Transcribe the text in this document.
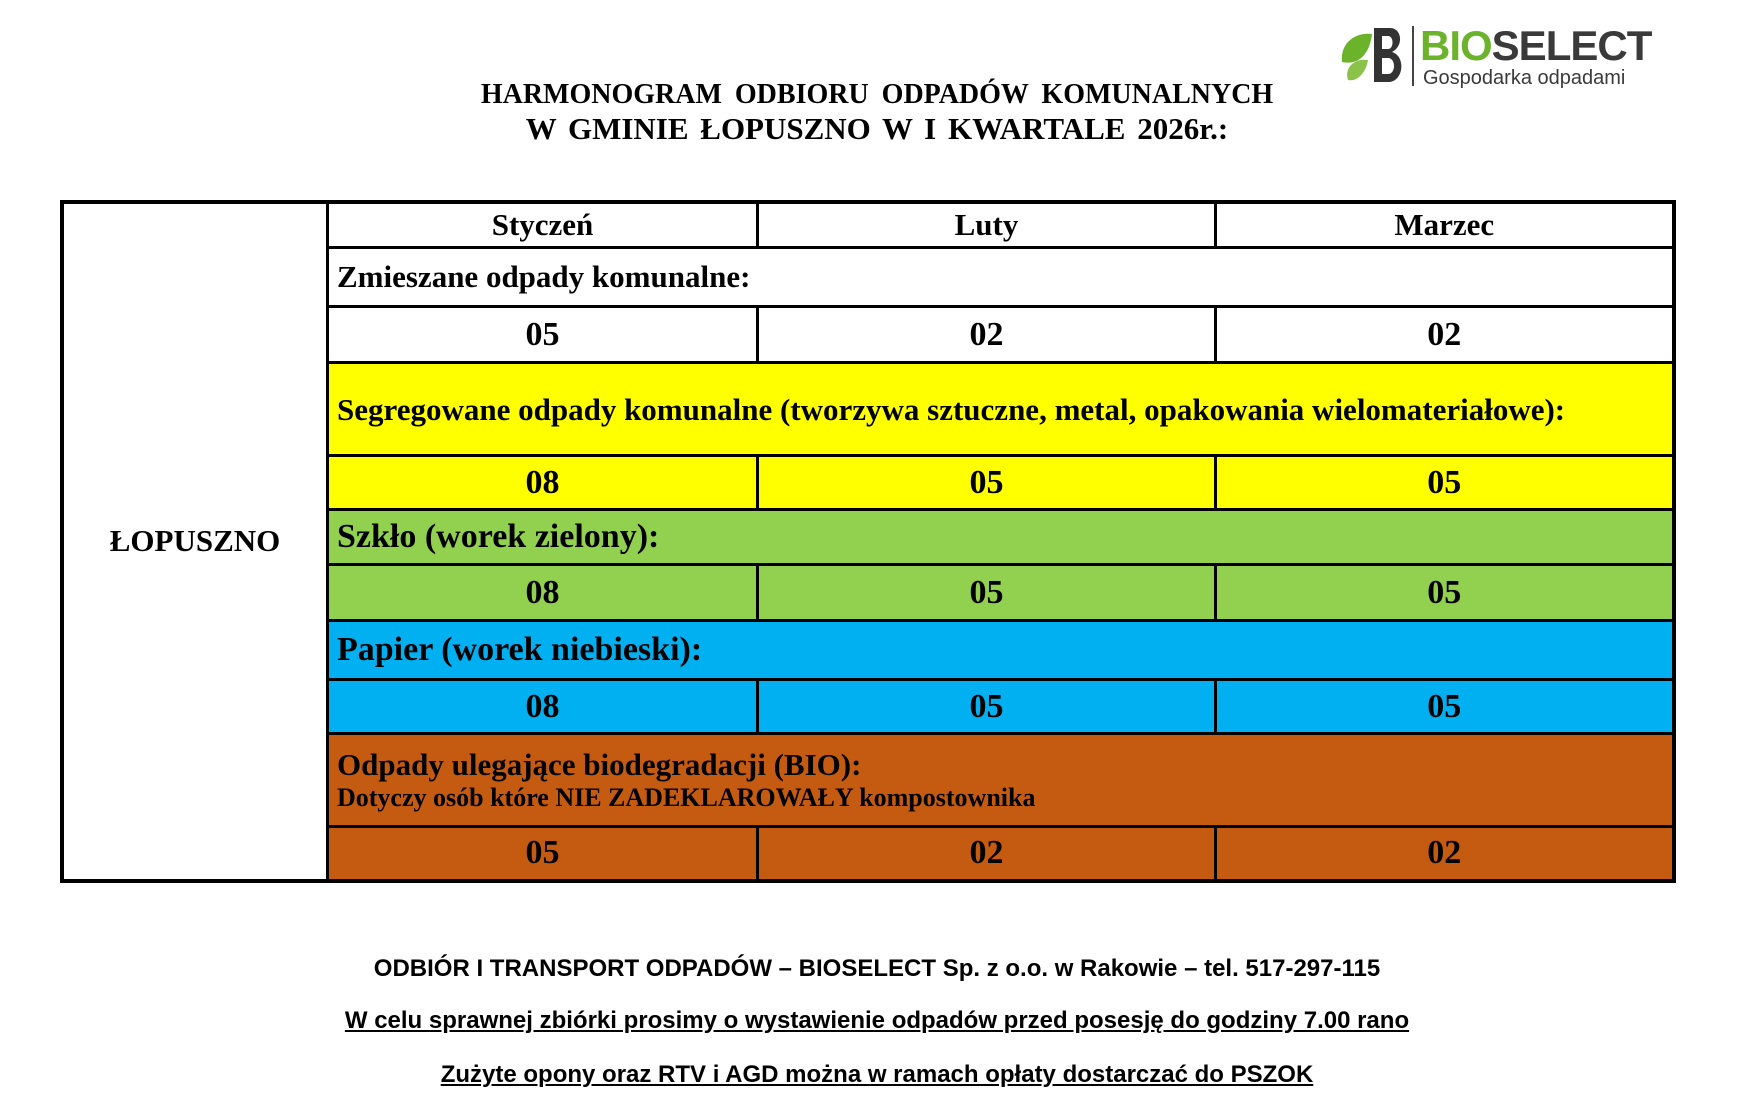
BIOSELECT
Gospodarka odpadami
HARMONOGRAM ODBIORU ODPADÓW KOMUNALNYCH
W GMINIE ŁOPUSZNO W I KWARTALE 2026r.:
ŁOPUSZNO	Styczeń	Luty	Marzec
	Zmieszane odpady komunalne:		
	05	02	02
	Segregowane odpady komunalne (tworzywa sztuczne, metal, opakowania wielomateriałowe):		
	08	05	05
	Szkło (worek zielony):		
	08	05	05
	Papier (worek niebieski):		
	08	05	05
	Odpady ulegające biodegradacji (BIO):
Dotyczy osób które NIE ZADEKLAROWAŁY kompostownika		

	05	02	02
ODBIÓR I TRANSPORT ODPADÓW – BIOSELECT Sp. z o.o. w Rakowie – tel. 517-297-115
W celu sprawnej zbiórki prosimy o wystawienie odpadów przed posesję do godziny 7.00 rano
Zużyte opony oraz RTV i AGD można w ramach opłaty dostarczać do PSZOK
